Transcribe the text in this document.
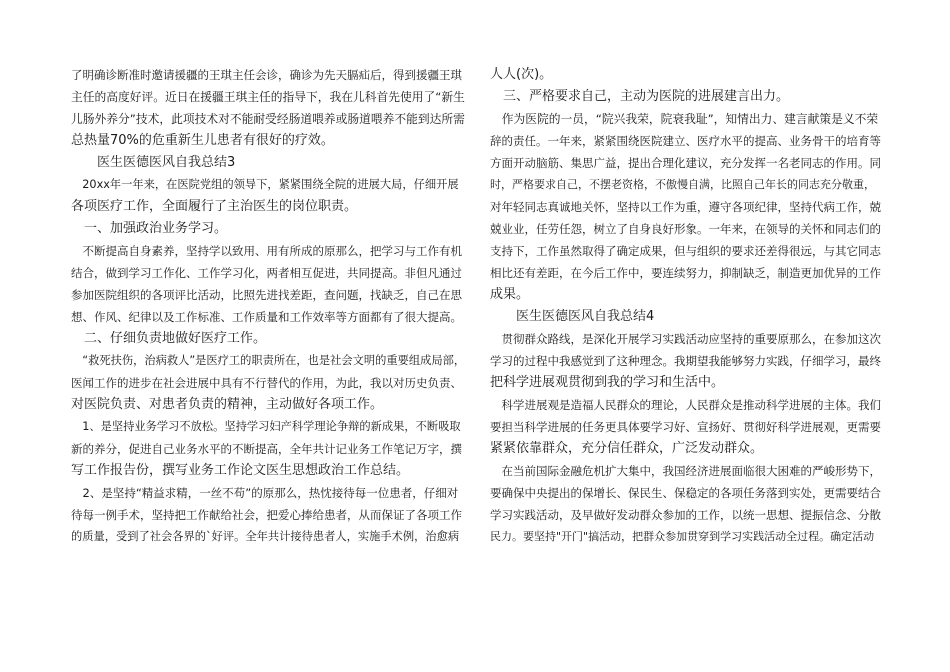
了明确诊断准时邀请援疆的王琪主任会诊，确诊为先天膈疝后，得到援疆王琪
主任的高度好评。近日在援疆王琪主任的指导下，我在儿科首先使用了“新生
儿肠外养分”技术，此项技术对不能耐受经肠道喂养或肠道喂养不能到达所需
总热量70%的危重新生儿患者有很好的疗效。
　　医生医德医风自我总结3
　20xx年一年来，在医院党组的领导下，紧紧围绕全院的进展大局，仔细开展
各项医疗工作，全面履行了主治医生的岗位职责。
　一、加强政治业务学习。
　不断提高自身素养，坚持学以致用、用有所成的原那么，把学习与工作有机
结合，做到学习工作化、工作学习化，两者相互促进，共同提高。非但凡通过
参加医院组织的各项评比活动，比照先进找差距，查问题，找缺乏，自己在思
想、作风、纪律以及工作标准、工作质量和工作效率等方面都有了很大提高。
　二、仔细负责地做好医疗工作。
　“救死扶伤，治病救人”是医疗工的职责所在，也是社会文明的重要组成局部，
医闻工作的进步在社会进展中具有不行替代的作用，为此，我以对历史负责、
对医院负责、对患者负责的精神，主动做好各项工作。
　1、是坚持业务学习不放松。坚持学习妇产科学理论争辩的新成果，不断吸取
新的养分，促进自己业务水平的不断提高，全年共计记业务工作笔记万字，撰
写工作报告份，撰写业务工作论文医生思想政治工作总结。
　2、是坚持“精益求精，一丝不苟”的原那么，热忱接待每一位患者，仔细对
待每一例手术，坚持把工作献给社会，把爱心捧给患者，从而保证了各项工作
的质量，受到了社会各界的`好评。全年共计接待患者人，实施手术例，治愈病
人人(次)。
　三、严格要求自己，主动为医院的进展建言出力。
　作为医院的一员，“院兴我荣，院衰我耻”，知情出力、建言献策是义不荣
辞的责任。一年来，紧紧围绕医院建立、医疗水平的提高、业务骨干的培育等
方面开动脑筋、集思广益，提出合理化建议，充分发挥一名老同志的作用。同
时，严格要求自己，不摆老资格，不傲慢自满，比照自己年长的同志充分敬重，
对年轻同志真诚地关怀，坚持以工作为重，遵守各项纪律，坚持代病工作，兢
兢业业，任劳任怨，树立了自身良好形象。一年来，在领导的关怀和同志们的
支持下，工作虽然取得了确定成果，但与组织的要求还差得很远，与其它同志
相比还有差距，在今后工作中，要连续努力，抑制缺乏，制造更加优异的工作
成果。
　　医生医德医风自我总结4
　贯彻群众路线，是深化开展学习实践活动应坚持的重要原那么，在参加这次
学习的过程中我感觉到了这种理念。我期望我能够努力实践，仔细学习，最终
把科学进展观贯彻到我的学习和生活中。
　科学进展观是造福人民群众的理论，人民群众是推动科学进展的主体。我们
要担当科学进展的任务更具体要学习好、宣扬好、贯彻好科学进展观，更需要
紧紧依靠群众，充分信任群众，广泛发动群众。
　在当前国际金融危机扩大集中，我国经济进展面临很大困难的严峻形势下，
要确保中央提出的保增长、保民生、保稳定的各项任务落到实处，更需要结合
学习实践活动，及早做好发动群众参加的工作，以统一思想、提振信念、分散
民力。要坚持"开门"搞活动，把群众参加贯穿到学习实践活动全过程。确定活动
